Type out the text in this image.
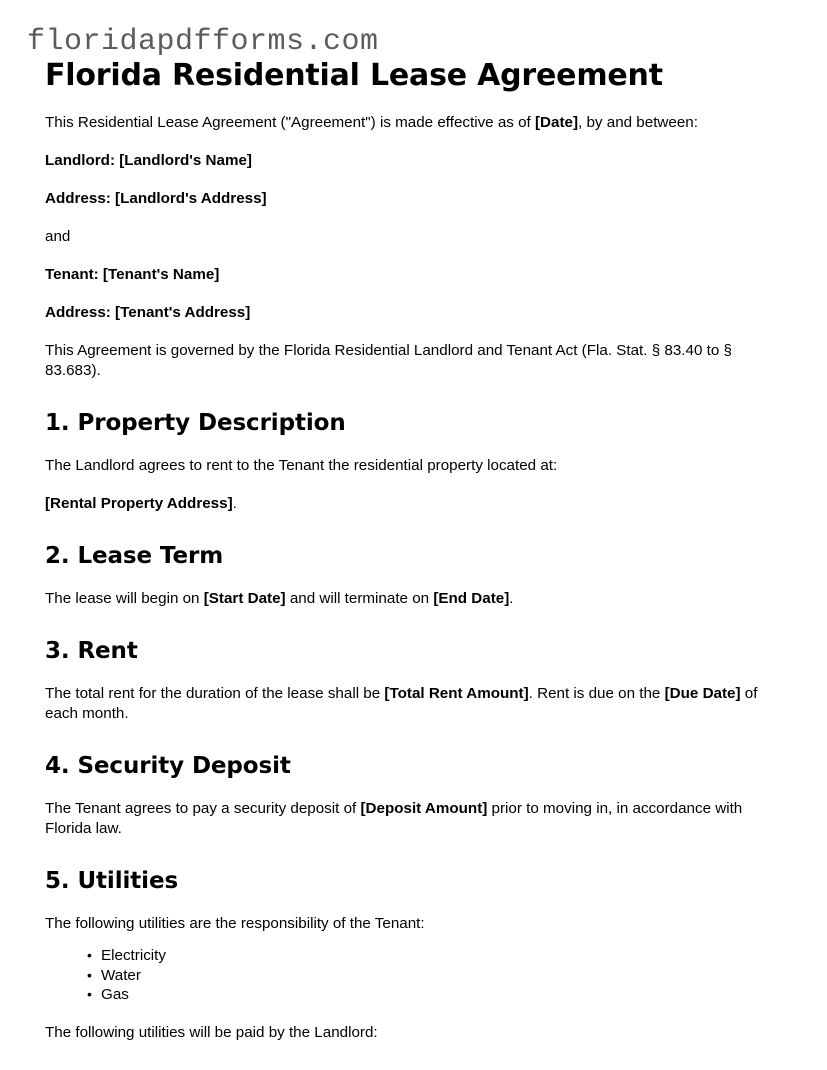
floridapdfforms.com
Florida Residential Lease Agreement

This Residential Lease Agreement ("Agreement") is made effective as of [Date], by and between:

Landlord: [Landlord's Name]

Address: [Landlord's Address]

and

Tenant: [Tenant's Name]

Address: [Tenant's Address]

This Agreement is governed by the Florida Residential Landlord and Tenant Act (Fla. Stat. § 83.40 to § 83.683).

1. Property Description

The Landlord agrees to rent to the Tenant the residential property located at:

[Rental Property Address].

2. Lease Term

The lease will begin on [Start Date] and will terminate on [End Date].

3. Rent

The total rent for the duration of the lease shall be [Total Rent Amount]. Rent is due on the [Due Date] of each month.

4. Security Deposit

The Tenant agrees to pay a security deposit of [Deposit Amount] prior to moving in, in accordance with Florida law.

5. Utilities

The following utilities are the responsibility of the Tenant:

• Electricity
• Water
• Gas

The following utilities will be paid by the Landlord:
